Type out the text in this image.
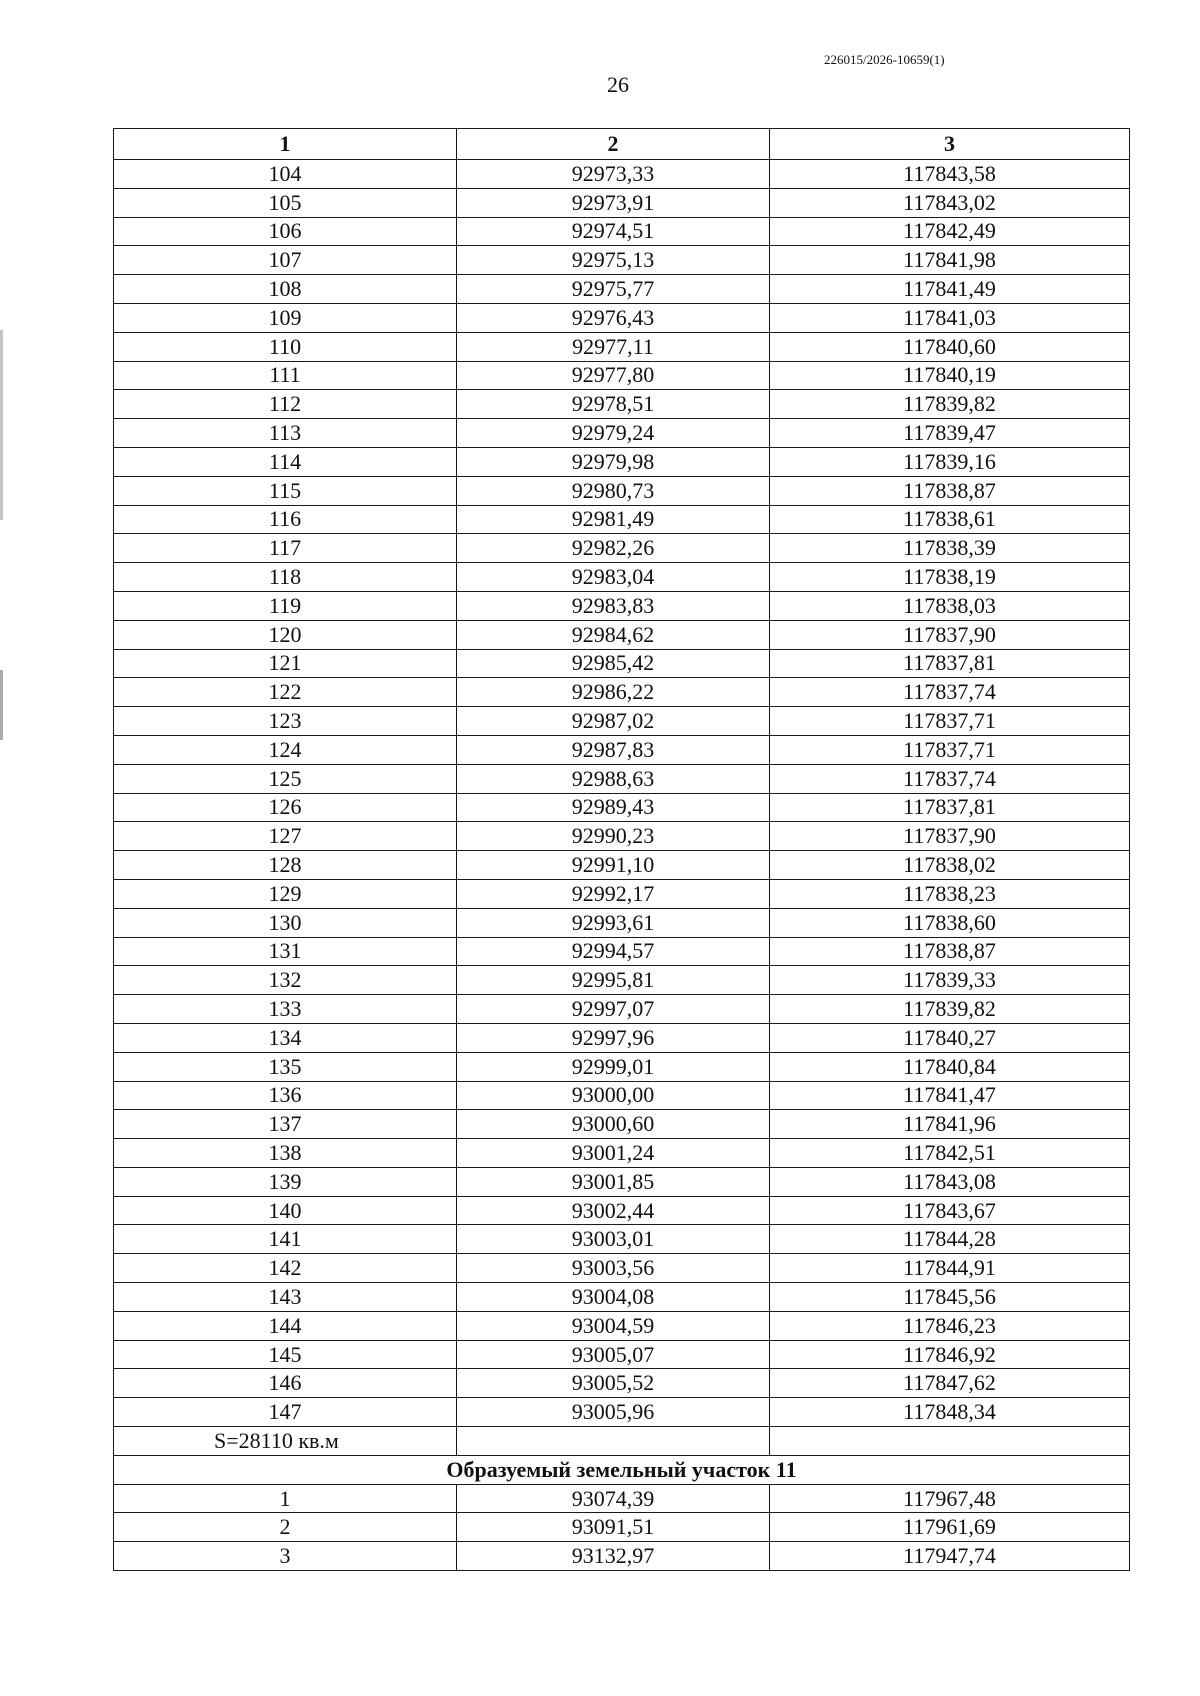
226015/2026-10659(1)
26
1	2	3
104	92973,33	117843,58
105	92973,91	117843,02
106	92974,51	117842,49
107	92975,13	117841,98
108	92975,77	117841,49
109	92976,43	117841,03
110	92977,11	117840,60
111	92977,80	117840,19
112	92978,51	117839,82
113	92979,24	117839,47
114	92979,98	117839,16
115	92980,73	117838,87
116	92981,49	117838,61
117	92982,26	117838,39
118	92983,04	117838,19
119	92983,83	117838,03
120	92984,62	117837,90
121	92985,42	117837,81
122	92986,22	117837,74
123	92987,02	117837,71
124	92987,83	117837,71
125	92988,63	117837,74
126	92989,43	117837,81
127	92990,23	117837,90
128	92991,10	117838,02
129	92992,17	117838,23
130	92993,61	117838,60
131	92994,57	117838,87
132	92995,81	117839,33
133	92997,07	117839,82
134	92997,96	117840,27
135	92999,01	117840,84
136	93000,00	117841,47
137	93000,60	117841,96
138	93001,24	117842,51
139	93001,85	117843,08
140	93002,44	117843,67
141	93003,01	117844,28
142	93003,56	117844,91
143	93004,08	117845,56
144	93004,59	117846,23
145	93005,07	117846,92
146	93005,52	117847,62
147	93005,96	117848,34
S=28110 кв.м		
Образуемый земельный участок 11		
1	93074,39	117967,48
2	93091,51	117961,69
3	93132,97	117947,74
